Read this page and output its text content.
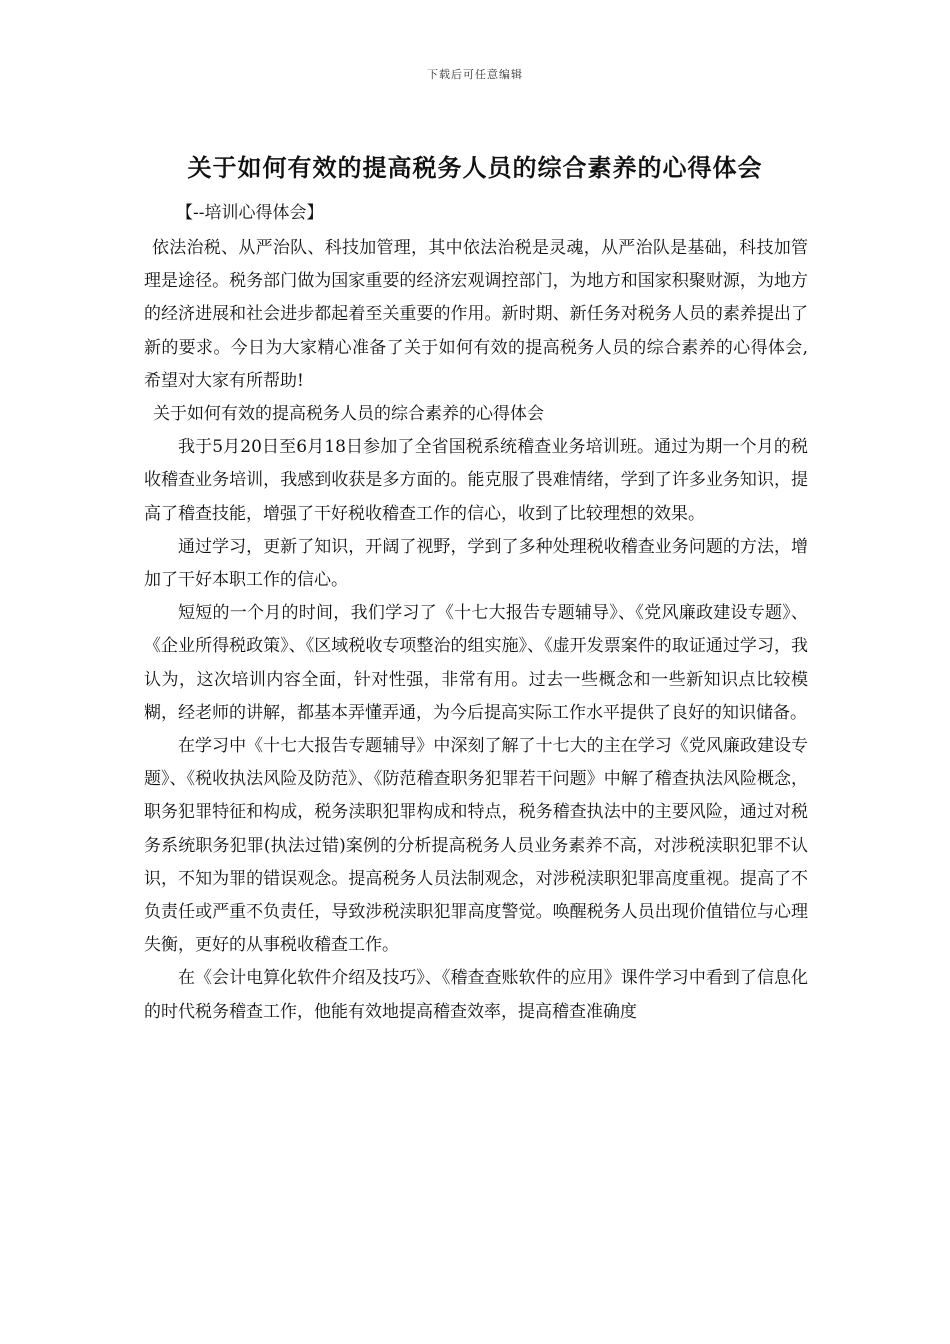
下载后可任意编辑
关于如何有效的提高税务人员的综合素养的心得体会
【--培训心得体会】

依法治税、从严治队、科技加管理，其中依法治税是灵魂，从严治队是基础，科技加管理是途径。税务部门做为国家重要的经济宏观调控部门，为地方和国家积聚财源，为地方的经济进展和社会进步都起着至关重要的作用。新时期、新任务对税务人员的素养提出了新的要求。今日为大家精心准备了关于如何有效的提高税务人员的综合素养的心得体会,希望对大家有所帮助!

关于如何有效的提高税务人员的综合素养的心得体会

我于5月20日至6月18日参加了全省国税系统稽查业务培训班。通过为期一个月的税收稽查业务培训，我感到收获是多方面的。能克服了畏难情绪，学到了许多业务知识，提高了稽查技能，增强了干好税收稽查工作的信心，收到了比较理想的效果。

通过学习，更新了知识，开阔了视野，学到了多种处理税收稽查业务问题的方法，增加了干好本职工作的信心。

短短的一个月的时间，我们学习了《十七大报告专题辅导》、《党风廉政建设专题》、《企业所得税政策》、《区域税收专项整治的组实施》、《虚开发票案件的取证通过学习，我认为，这次培训内容全面，针对性强，非常有用。过去一些概念和一些新知识点比较模糊，经老师的讲解，都基本弄懂弄通，为今后提高实际工作水平提供了良好的知识储备。

在学习中《十七大报告专题辅导》中深刻了解了十七大的主在学习《党风廉政建设专题》、《税收执法风险及防范》、《防范稽查职务犯罪若干问题》中解了稽查执法风险概念，职务犯罪特征和构成，税务渎职犯罪构成和特点，税务稽查执法中的主要风险，通过对税务系统职务犯罪(执法过错)案例的分析提高税务人员业务素养不高，对涉税渎职犯罪不认识，不知为罪的错误观念。提高税务人员法制观念，对涉税渎职犯罪高度重视。提高了不负责任或严重不负责任，导致涉税渎职犯罪高度警觉。唤醒税务人员出现价值错位与心理失衡，更好的从事税收稽查工作。

在《会计电算化软件介绍及技巧》、《稽查查账软件的应用》课件学习中看到了信息化的时代税务稽查工作，他能有效地提高稽查效率，提高稽查准确度
